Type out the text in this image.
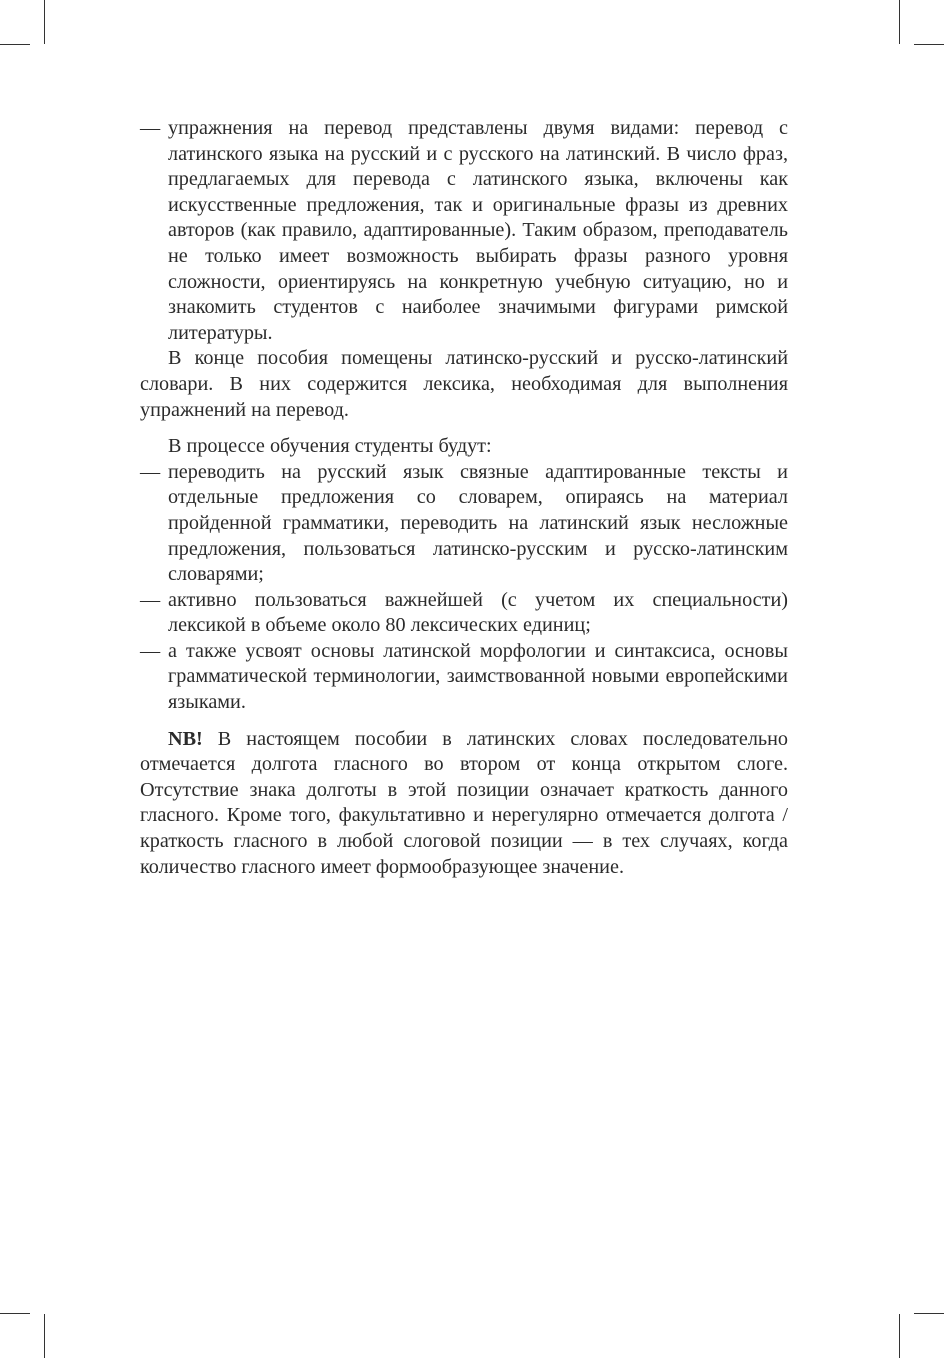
— упражнения на перевод представлены двумя видами: перевод с латинского языка на русский и с русского на латинский. В число фраз, предлагаемых для перевода с латинского языка, включены как искусственные предложения, так и оригинальные фразы из древних авторов (как правило, адаптированные). Таким образом, преподаватель не только имеет возможность выбирать фразы разного уровня сложности, ориентируясь на конкретную учебную ситуацию, но и знакомить студентов с наиболее значимыми фигурами римской литературы.

В конце пособия помещены латинско-русский и русско-латинский словари. В них содержится лексика, необходимая для выполнения упражнений на перевод.

В процессе обучения студенты будут:

— переводить на русский язык связные адаптированные тексты и отдельные предложения со словарем, опираясь на материал пройденной грамматики, переводить на латинский язык несложные предложения, пользоваться латинско-русским и русско-латинским словарями;

— активно пользоваться важнейшей (с учетом их специальности) лексикой в объеме около 80 лексических единиц;

— а также усвоят основы латинской морфологии и синтаксиса, основы грамматической терминологии, заимствованной новыми европейскими языками.

NB! В настоящем пособии в латинских словах последовательно отмечается долгота гласного во втором от конца открытом слоге. Отсутствие знака долготы в этой позиции означает краткость данного гласного. Кроме того, факультативно и нерегулярно отмечается долгота / краткость гласного в любой слоговой позиции — в тех случаях, когда количество гласного имеет формообразующее значение.
